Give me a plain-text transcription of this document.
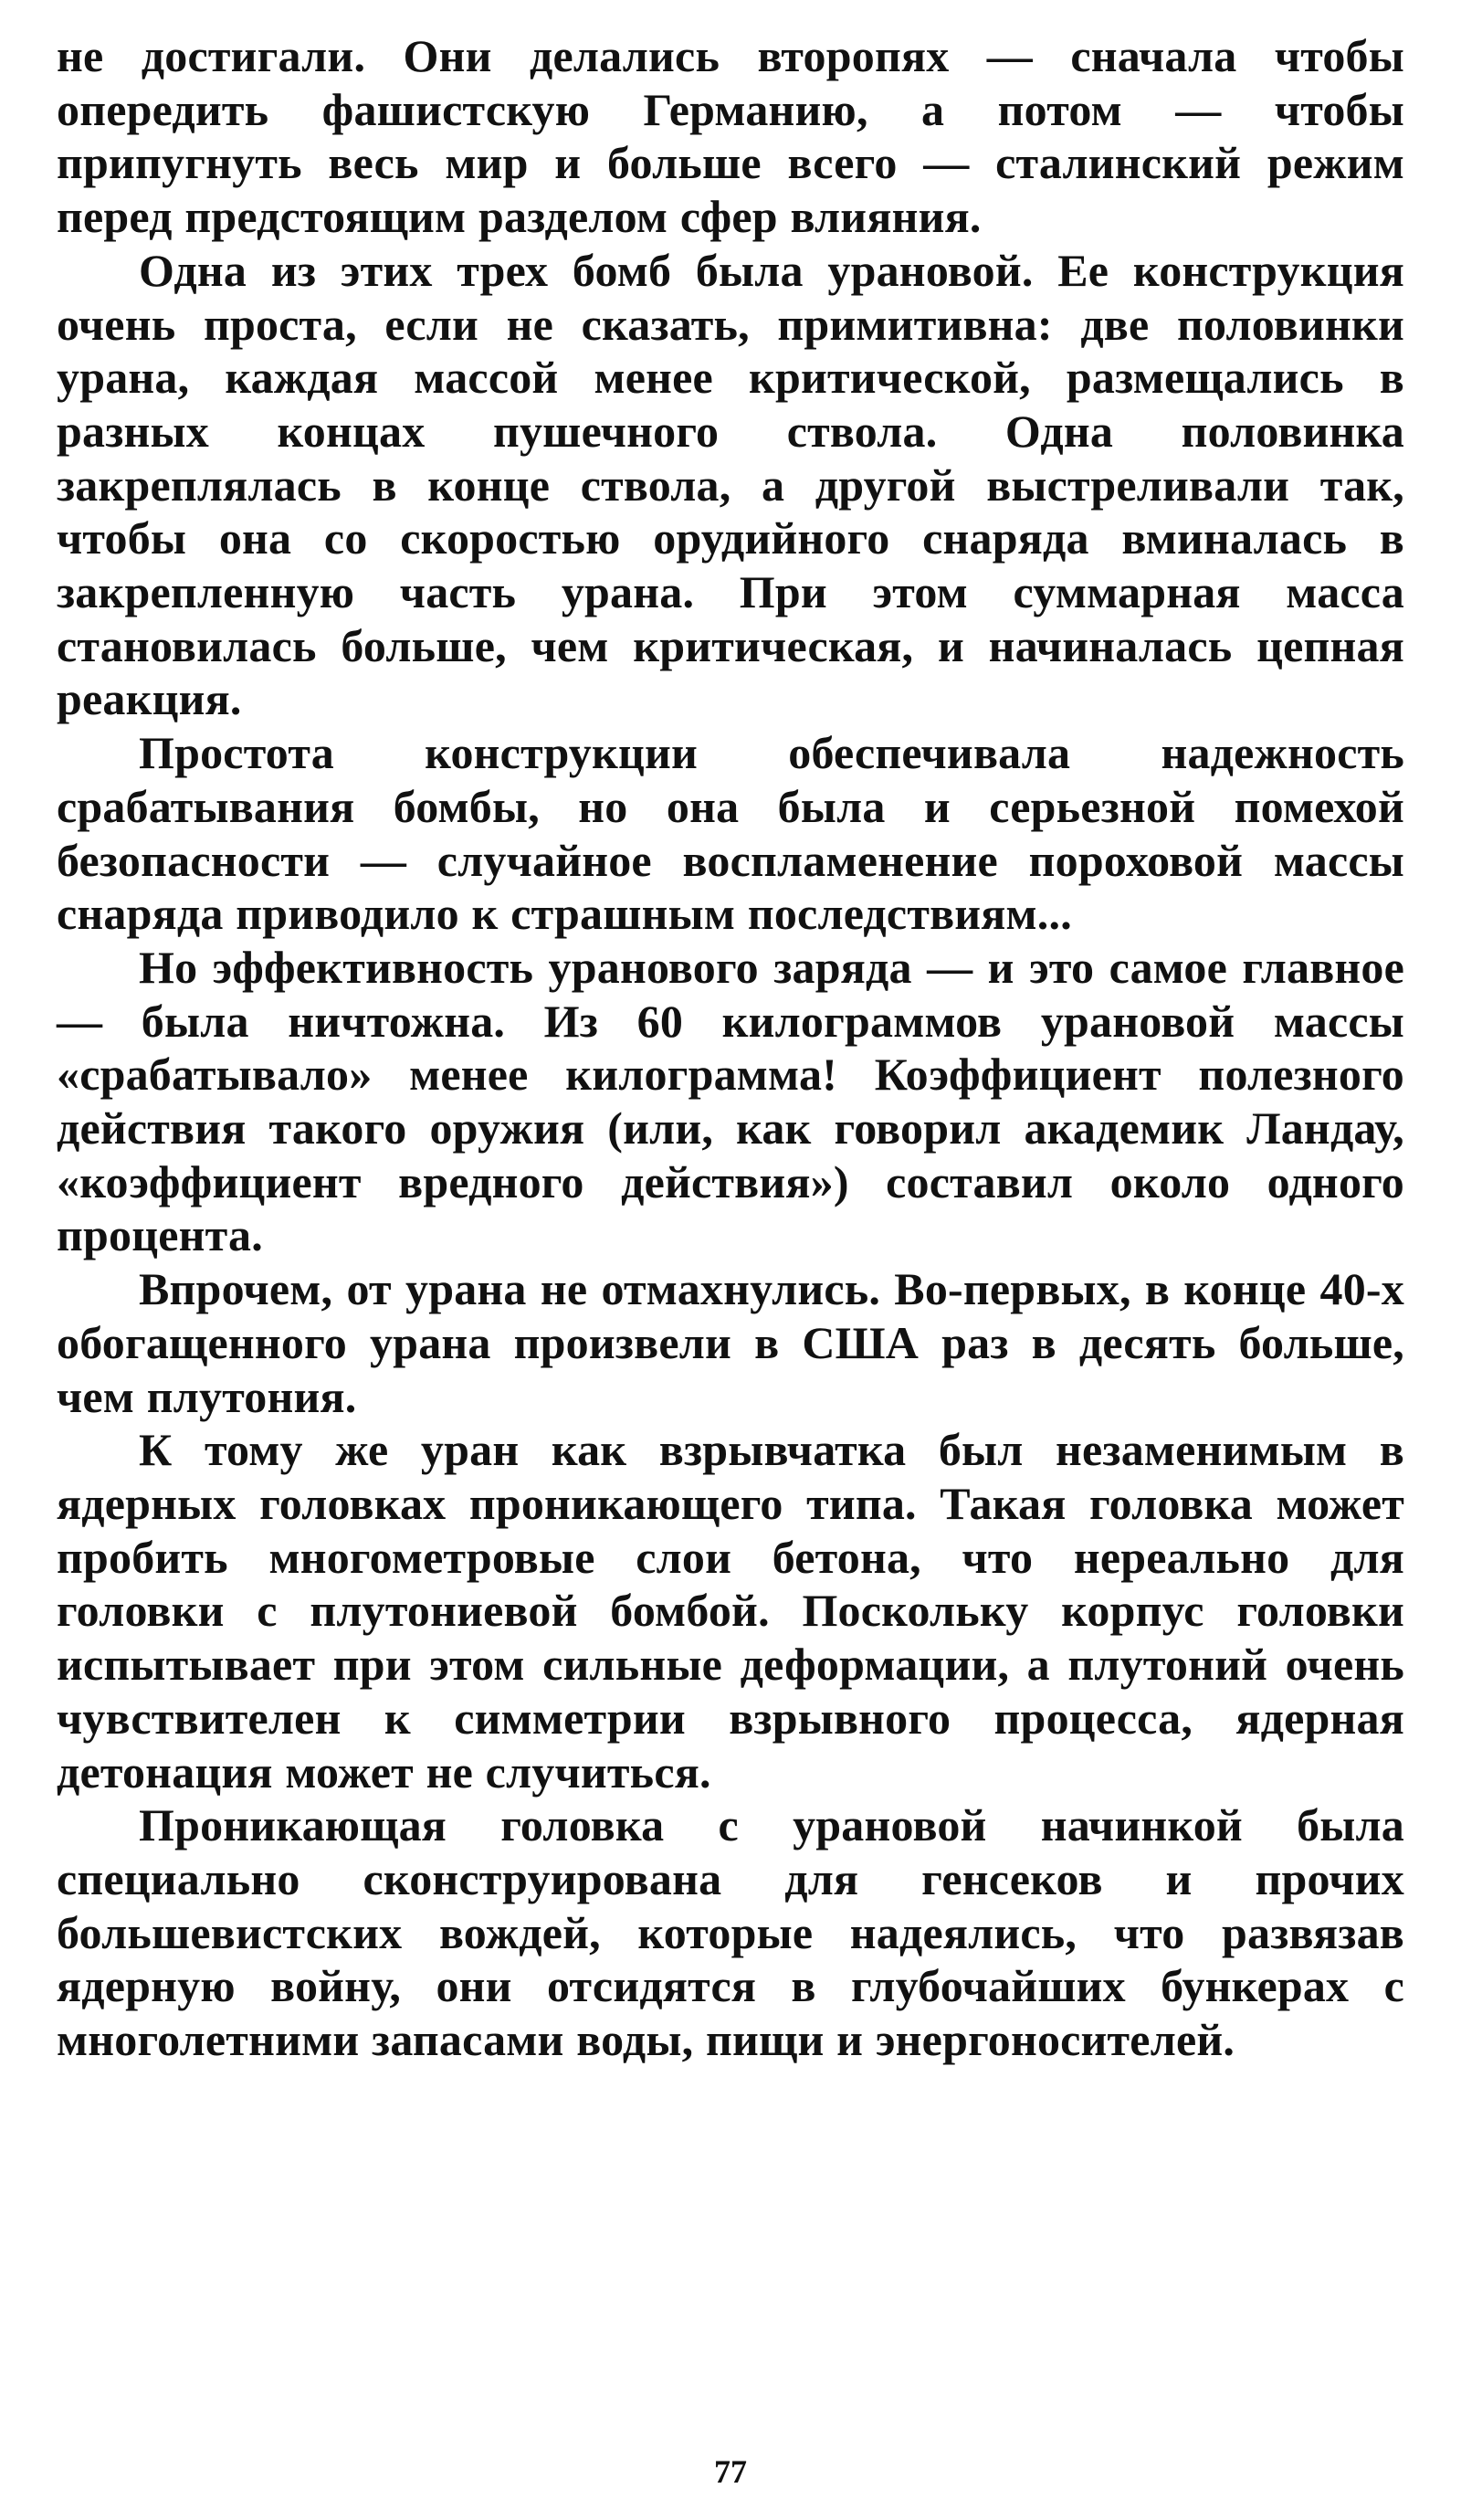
не достигали. Они делались второпях — сначала чтобы опередить фашистскую Германию, а потом — чтобы припугнуть весь мир и больше всего — сталинский режим перед предстоящим разделом сфер влияния.

Одна из этих трех бомб была урановой. Ее конструкция очень проста, если не сказать, примитивна: две половинки урана, каждая массой менее критической, размещались в разных концах пушечного ствола. Одна половинка закреплялась в конце ствола, а другой выстреливали так, чтобы она со скоростью орудийного снаряда вминалась в закрепленную часть урана. При этом суммарная масса становилась больше, чем критическая, и начиналась цепная реакция.

Простота конструкции обеспечивала надежность срабатывания бомбы, но она была и серьезной помехой безопасности — случайное воспламенение пороховой массы снаряда приводило к страшным последствиям...

Но эффективность уранового заряда — и это самое главное — была ничтожна. Из 60 килограммов урановой массы «срабатывало» менее килограмма! Коэффициент полезного действия такого оружия (или, как говорил академик Ландау, «коэффициент вредного действия») составил около одного процента.

Впрочем, от урана не отмахнулись. Во-первых, в конце 40-х обогащенного урана произвели в США раз в десять больше, чем плутония.

К тому же уран как взрывчатка был незаменимым в ядерных головках проникающего типа. Такая головка может пробить многометровые слои бетона, что нереально для головки с плутониевой бомбой. Поскольку корпус головки испытывает при этом сильные деформации, а плутоний очень чувствителен к симметрии взрывного процесса, ядерная детонация может не случиться.

Проникающая головка с урановой начинкой была специально сконструирована для генсеков и прочих большевистских вождей, которые надеялись, что развязав ядерную войну, они отсидятся в глубочайших бункерах с многолетними запасами воды, пищи и энергоносителей.

77
